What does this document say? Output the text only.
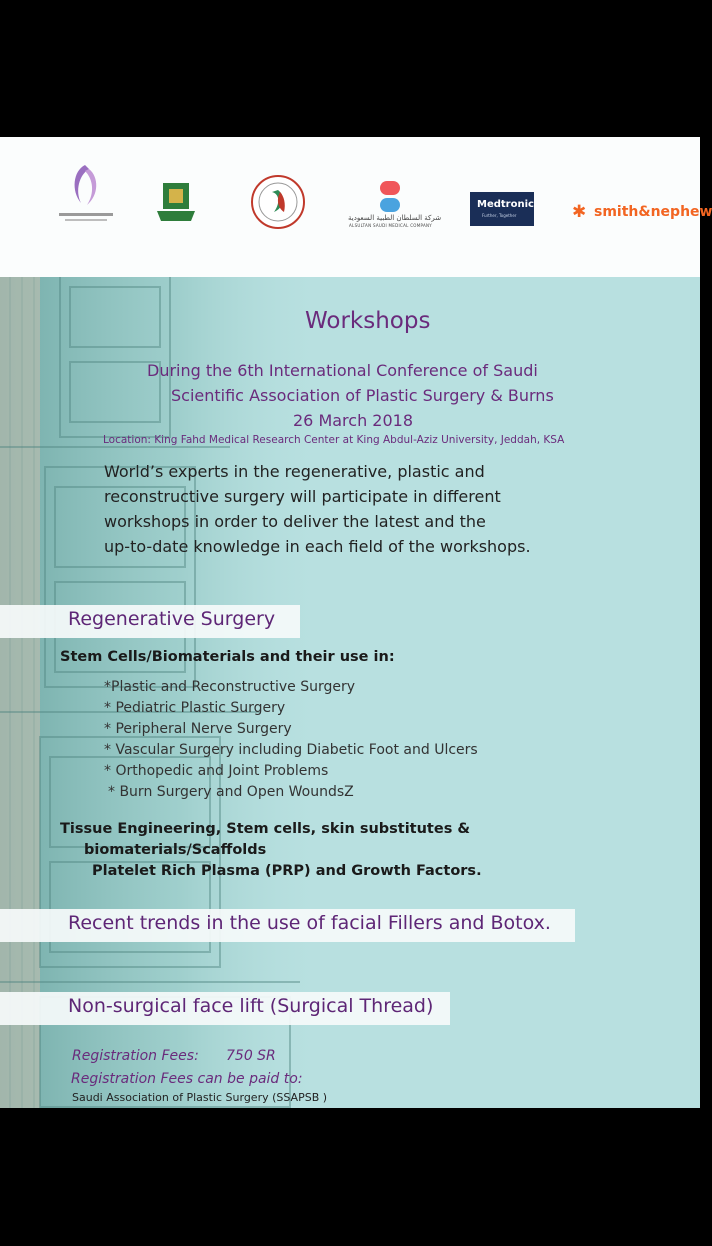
شركة السلطان الطبية السعودية
ALSULTAN SAUDI MEDICAL COMPANY
Medtronic
Further, Together	✱ smith&nephew
Workshops
During the 6th International Conference of Saudi
Scientific Association of Plastic Surgery & Burns
26 March 2018
Location: King Fahd Medical Research Center at King Abdul-Aziz University, Jeddah, KSA
World’s experts in the regenerative, plastic and
reconstructive surgery will participate in different
workshops in order to deliver the latest and the
up-to-date knowledge in each field of the workshops.
Regenerative Surgery
Stem Cells/Biomaterials and their use in:
*Plastic and Reconstructive Surgery
* Pediatric Plastic Surgery
* Peripheral Nerve Surgery
* Vascular Surgery including Diabetic Foot and Ulcers
* Orthopedic and Joint Problems
* Burn Surgery and Open WoundsZ
Tissue Engineering, Stem cells, skin substitutes &
biomaterials/Scaffolds
Platelet Rich Plasma (PRP) and Growth Factors.
Recent trends in the use of facial Fillers and Botox.
Non-surgical face lift (Surgical Thread)
Registration Fees: 750 SR
Registration Fees can be paid to:
Saudi Association of Plastic Surgery (SSAPSB )
